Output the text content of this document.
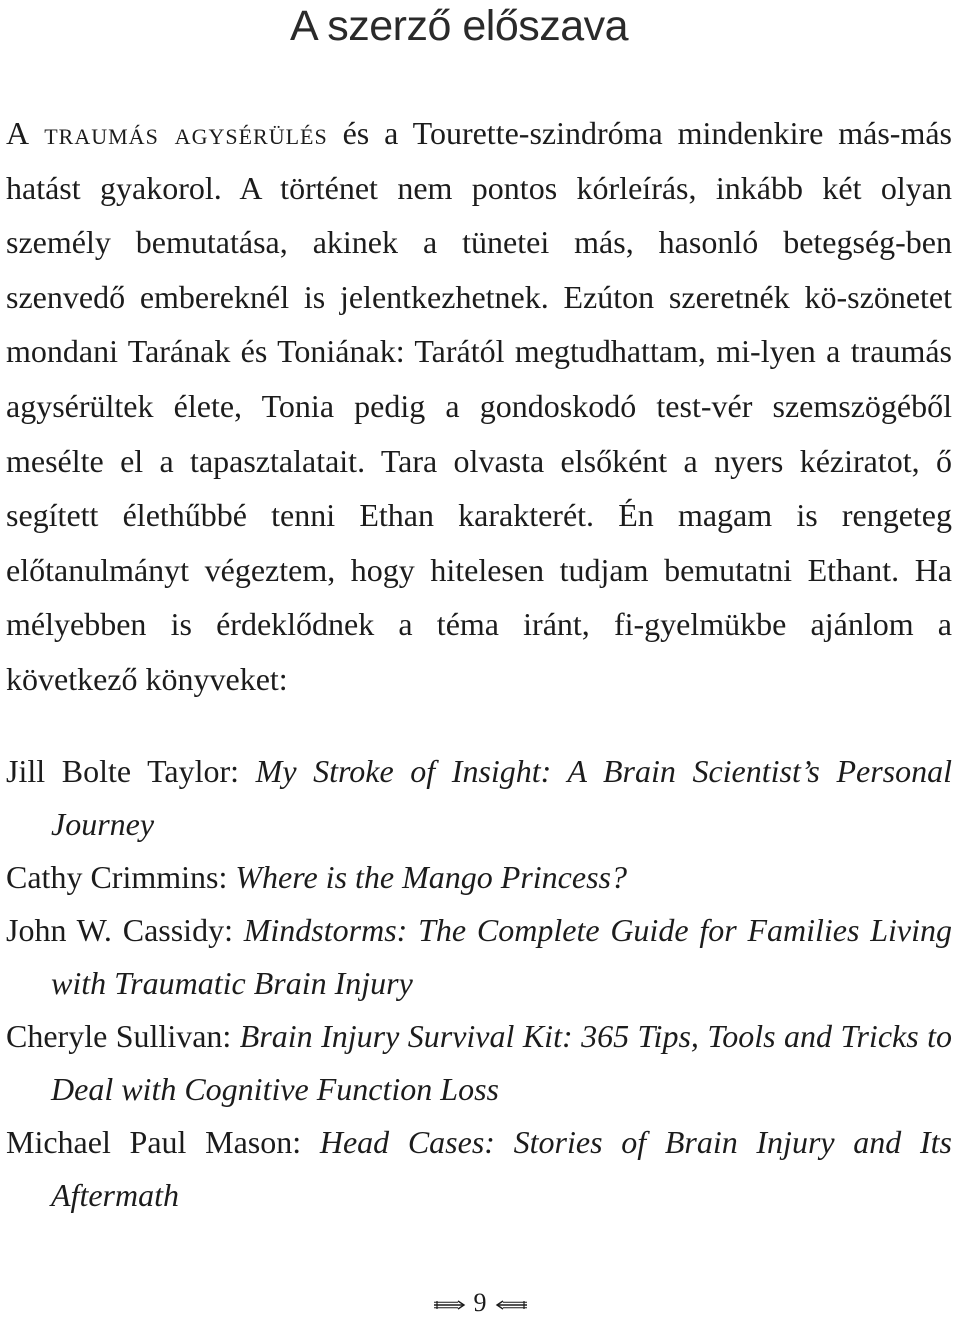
A szerző előszava

A traumás agysérülés és a Tourette-szindróma mindenkire más-más hatást gyakorol. A történet nem pontos kórleírás, inkább két olyan személy bemutatása, akinek a tünetei más, hasonló betegség-ben szenvedő embereknél is jelentkezhetnek. Ezúton szeretnék kö-szönetet mondani Tarának és Toniának: Tarától megtudhattam, mi-lyen a traumás agysérültek élete, Tonia pedig a gondoskodó test-vér szemszögéből mesélte el a tapasztalatait. Tara olvasta elsőként a nyers kéziratot, ő segített élethűbbé tenni Ethan karakterét. Én magam is rengeteg előtanulmányt végeztem, hogy hitelesen tudjam bemutatni Ethant. Ha mélyebben is érdeklődnek a téma iránt, fi-gyelmükbe ajánlom a következő könyveket:

Jill Bolte Taylor: My Stroke of Insight: A Brain Scientist’s Personal Journey
Cathy Crimmins: Where is the Mango Princess?
John W. Cassidy: Mindstorms: The Complete Guide for Families Living with Traumatic Brain Injury
Cheryle Sullivan: Brain Injury Survival Kit: 365 Tips, Tools and Tricks to Deal with Cognitive Function Loss
Michael Paul Mason: Head Cases: Stories of Brain Injury and Its Aftermath
9
